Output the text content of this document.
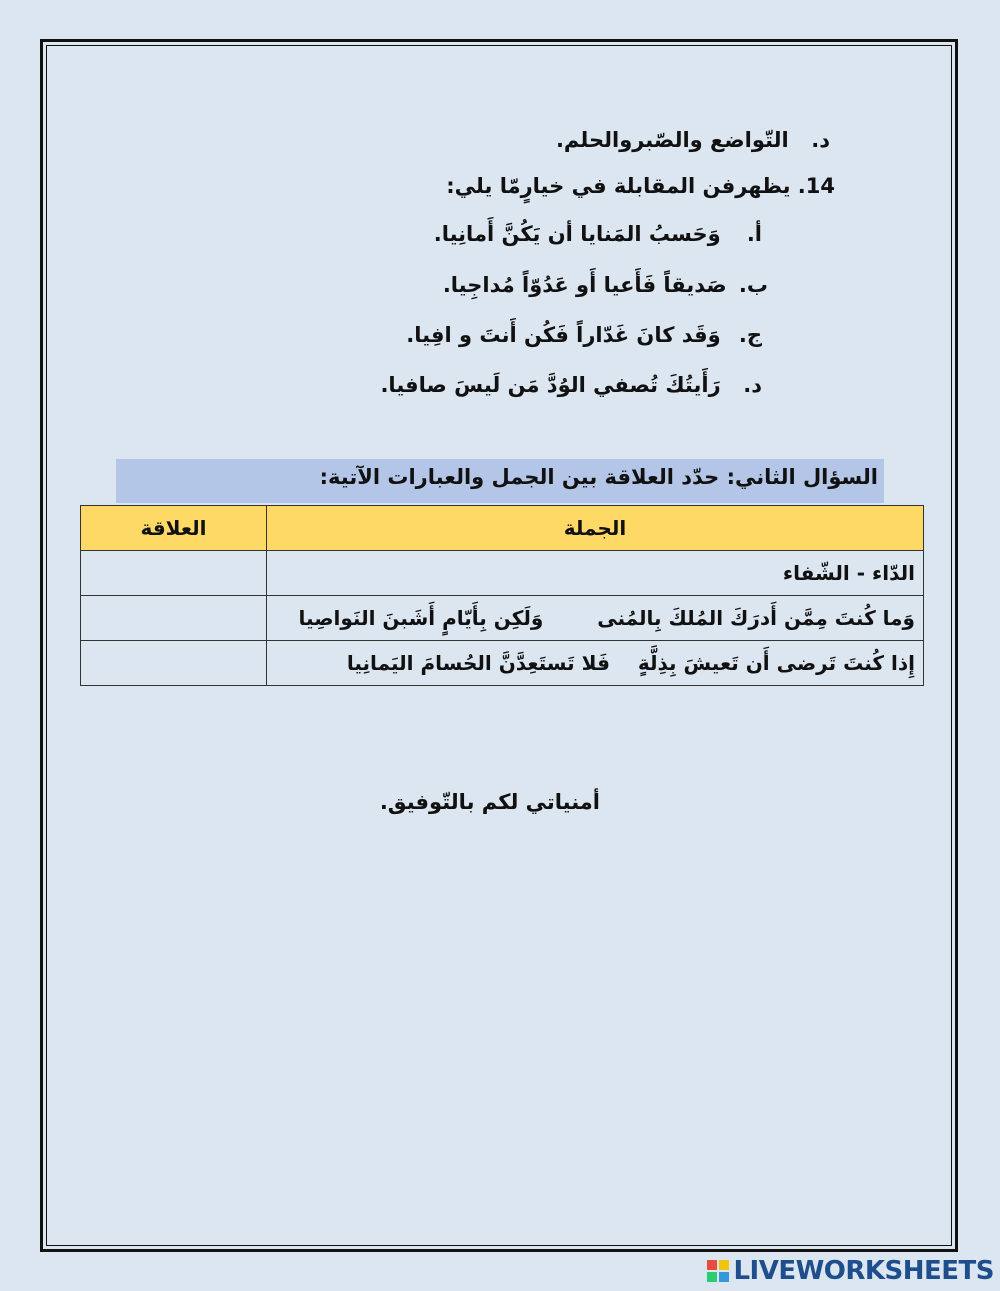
د. التّواضع والصّبروالحلم.
14. يظهرفن المقابلة في خيارٍمّا يلي:
أ. وَحَسبُ المَنايا أن يَكُنَّ أَمانِيا.
ب. صَديقاً فَأَعيا أَو عَدُوّاً مُداجِيا.
ج. وَقَد كانَ غَدّاراً فَكُن أَنتَ و افِيا.
د. رَأَيتُكَ تُصفي الوُدَّ مَن لَيسَ صافيا.
السؤال الثاني: حدّد العلاقة بين الجمل والعبارات الآتية:
الجملة	العلاقة
الدّاء - الشّفاء	
وَما كُنتَ مِمَّن أَدرَكَ المُلكَ بِالمُنى  وَلَكِن بِأَيّامٍ أَشَبنَ النَواصِيا	
إِذا كُنتَ تَرضى أَن تَعيشَ بِذِلَّةٍ  فَلا تَستَعِدَّنَّ الحُسامَ اليَمانِيا	
أمنياتي لكم بالتّوفيق.
LIVEWORKSHEETS
